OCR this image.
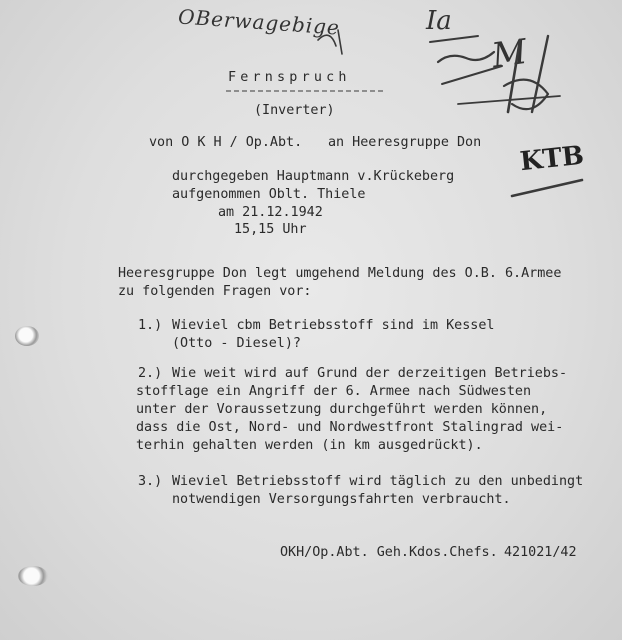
OBerwagebige	Ia
M
KTB
Fernspruch
(Inverter)
von O K H / Op.Abt. an Heeresgruppe Don
durchgegeben Hauptmann v.Krückeberg
aufgenommen Oblt. Thiele
am 21.12.1942
15,15 Uhr
Heeresgruppe Don legt umgehend Meldung des O.B. 6.Armee
zu folgenden Fragen vor:
1.) Wieviel cbm Betriebsstoff sind im Kessel
(Otto - Diesel)?
2.) Wie weit wird auf Grund der derzeitigen Betriebs-
stofflage ein Angriff der 6. Armee nach Südwesten
unter der Voraussetzung durchgeführt werden können,
dass die Ost, Nord- und Nordwestfront Stalingrad wei-
terhin gehalten werden (in km ausgedrückt).
3.) Wieviel Betriebsstoff wird täglich zu den unbedingt
notwendigen Versorgungsfahrten verbraucht.
OKH/Op.Abt. Geh.Kdos.Chefs. 421021/42
